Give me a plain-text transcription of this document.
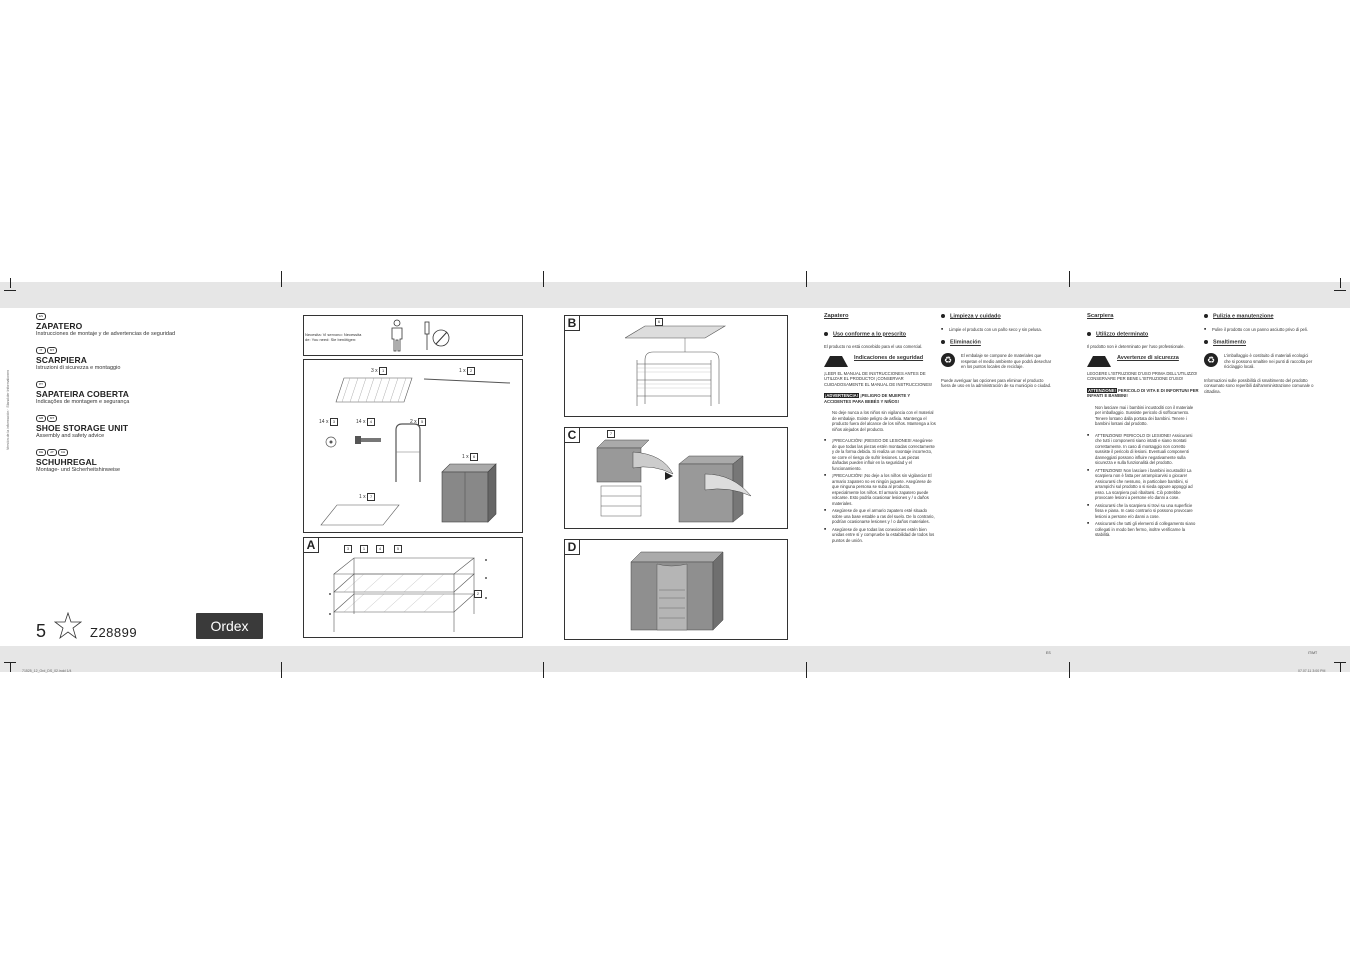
Versión de la información · Stand der Informationen
ES
ZAPATERO
Instrucciones de montaje y de advertencias de seguridad
IT	MT
SCARPIERA
Istruzioni di sicurezza e montaggio
PT
SAPATEIRA COBERTA
Indicações de montagem e segurança
GB	MT
SHOE STORAGE UNIT
Assembly and safety advice
DE	AT	CH
SCHUHREGAL
Montage- und Sicherheitshinweise
5	Z28899	Ordex
Necesita: Vi servono: Necessita de: You need: Sie benötigen:
3 x 1	1 x 2
14 x 3	14 x 4	2 x 5
1 x 6
1 x 7
A	3	1	4	5
2
B	6
C	7
D
Zapatero
Uso conforme a lo prescrito

El producto no está concebido para el uso comercial.

Indicaciones de seguridad

¡LEER EL MANUAL DE INSTRUCCIONES ANTES DE UTILIZAR EL PRODUCTO! ¡CONSERVAR CUIDADOSAMENTE EL MANUAL DE INSTRUCCIONES!

¡ADVERTENCIA! ¡PELIGRO DE MUERTE Y ACCIDENTES PARA BEBÉS Y NIÑOS!

No deje nunca a los niños sin vigilancia con el material de embalaje. Existe peligro de asfixia. Mantenga el producto fuera del alcance de los niños. Mantenga a los niños alejados del producto.

■ ¡PRECAUCIÓN! ¡RIESGO DE LESIONES! Asegúrese de que todas las piezas estén montadas correctamente y de la forma debida. Si realiza un montaje incorrecto, se corre el riesgo de sufrir lesiones. Las piezas dañadas pueden influir en la seguridad y el funcionamiento.
■ ¡PRECAUCIÓN! ¡No deje a los niños sin vigilancia! El armario zapatero no es ningún juguete. Asegúrese de que ninguna persona se suba al producto, especialmente los niños. El armario zapatero puede volcarse. Esto podría ocasionar lesiones y / o daños materiales.
■ Asegúrese de que el armario zapatero esté situado sobre una base estable a ras del suelo. De lo contrario, podrían ocasionarse lesiones y / o daños materiales.
■ Asegúrese de que todas las conexiones estén bien unidas entre sí y compruebe la estabilidad de todos los puntos de unión.
Limpieza y cuidado
■ Limpie el producto con un paño seco y sin pelusa.
Eliminación
♻	El embalaje se compone de materiales que respetan el medio ambiente que podrá desechar en los puntos locales de reciclaje.

Puede averiguar las opciones para eliminar el producto fuera de uso en la administración de su municipio o ciudad.

Scarpiera
Utilizzo determinato

Il prodotto non è determinato per l'uso professionale.

Avvertenze di sicurezza

LEGGERE L'ISTRUZIONE D'USO PRIMA DELL'UTILIZZO! CONSERVARE PER BENE L'ISTRUZIONE D'USO!

ATTENZIONE! PERICOLO DI VITA E DI INFORTUNI PER INFANTI E BAMBINI!

Non lasciare mai i bambini incustoditi con il materiale per imballaggio. Sussiste pericolo di soffocamento. Tenere lontano dalla portata dei bambini. Tenere i bambini lontani dal prodotto.

■ ATTENZIONE! PERICOLO DI LESIONE! Assicurarsi che tutti i componenti siano intatti e siano montati correttamente. In caso di montaggio non corretto sussiste il pericolo di lesioni. Eventuali componenti danneggiati possono influire negativamente sulla sicurezza e sulla funzionalità del prodotto.
■ ATTENZIONE! Non lasciare i bambini incustoditi! La scarpiera non è fatta per arrampicarvisi o giocare! Assicurarsi che nessuno, in particolare bambini, si arrampichi sul prodotto o si sieda oppure appoggi ad esso. La scarpiera può ribaltarsi. Ciò potrebbe provocare lesioni a persone e/o danni a cose.
■ Assicurarsi che la scarpiera si trovi su una superficie fissa e piana. In caso contrario si possono provocare lesioni a persone e/o danni a cose.
■ Assicurarsi che tutti gli elementi di collegamento siano collegati in modo ben fermo, inoltre verificarne la stabilità.
Pulizia e manutenzione
■ Pulire il prodotto con un panno asciutto privo di peli.
Smaltimento
♻	L'imballaggio è costituito di materiali ecologici che si possono smaltire nei punti di raccolta per riciclaggio locali.

Informazioni sulle possibilità di smaltimento del prodotto consumato sono reperibili dall'amministrazione comunale o cittadina.

ES	IT/MT
71525_12_Ord_DS_02.indd 1/4	07.07.11 3:00 PM
